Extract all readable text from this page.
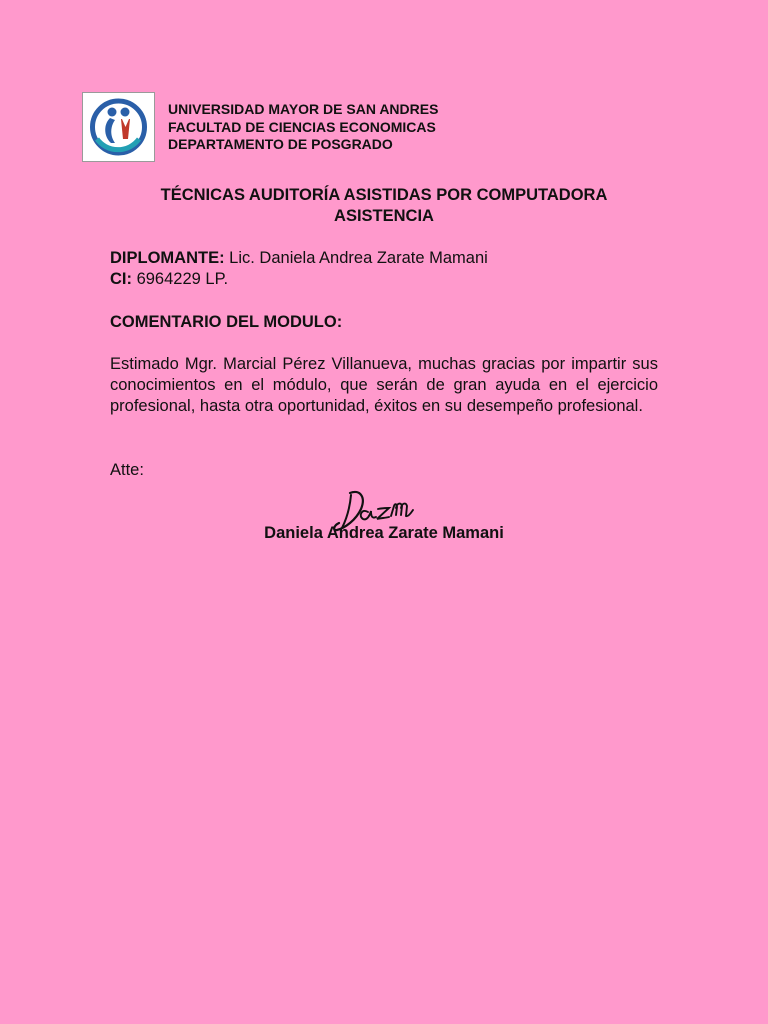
UNIVERSIDAD MAYOR DE SAN ANDRES
FACULTAD DE CIENCIAS ECONOMICAS
DEPARTAMENTO DE POSGRADO
TÉCNICAS AUDITORÍA ASISTIDAS POR COMPUTADORA
ASISTENCIA
DIPLOMANTE: Lic. Daniela Andrea Zarate Mamani
CI: 6964229 LP.
COMENTARIO DEL MODULO:
Estimado Mgr. Marcial Pérez Villanueva, muchas gracias por impartir sus conocimientos en el módulo, que serán de gran ayuda en el ejercicio profesional, hasta otra oportunidad, éxitos en su desempeño profesional.
Atte:
Daniela Andrea Zarate Mamani
